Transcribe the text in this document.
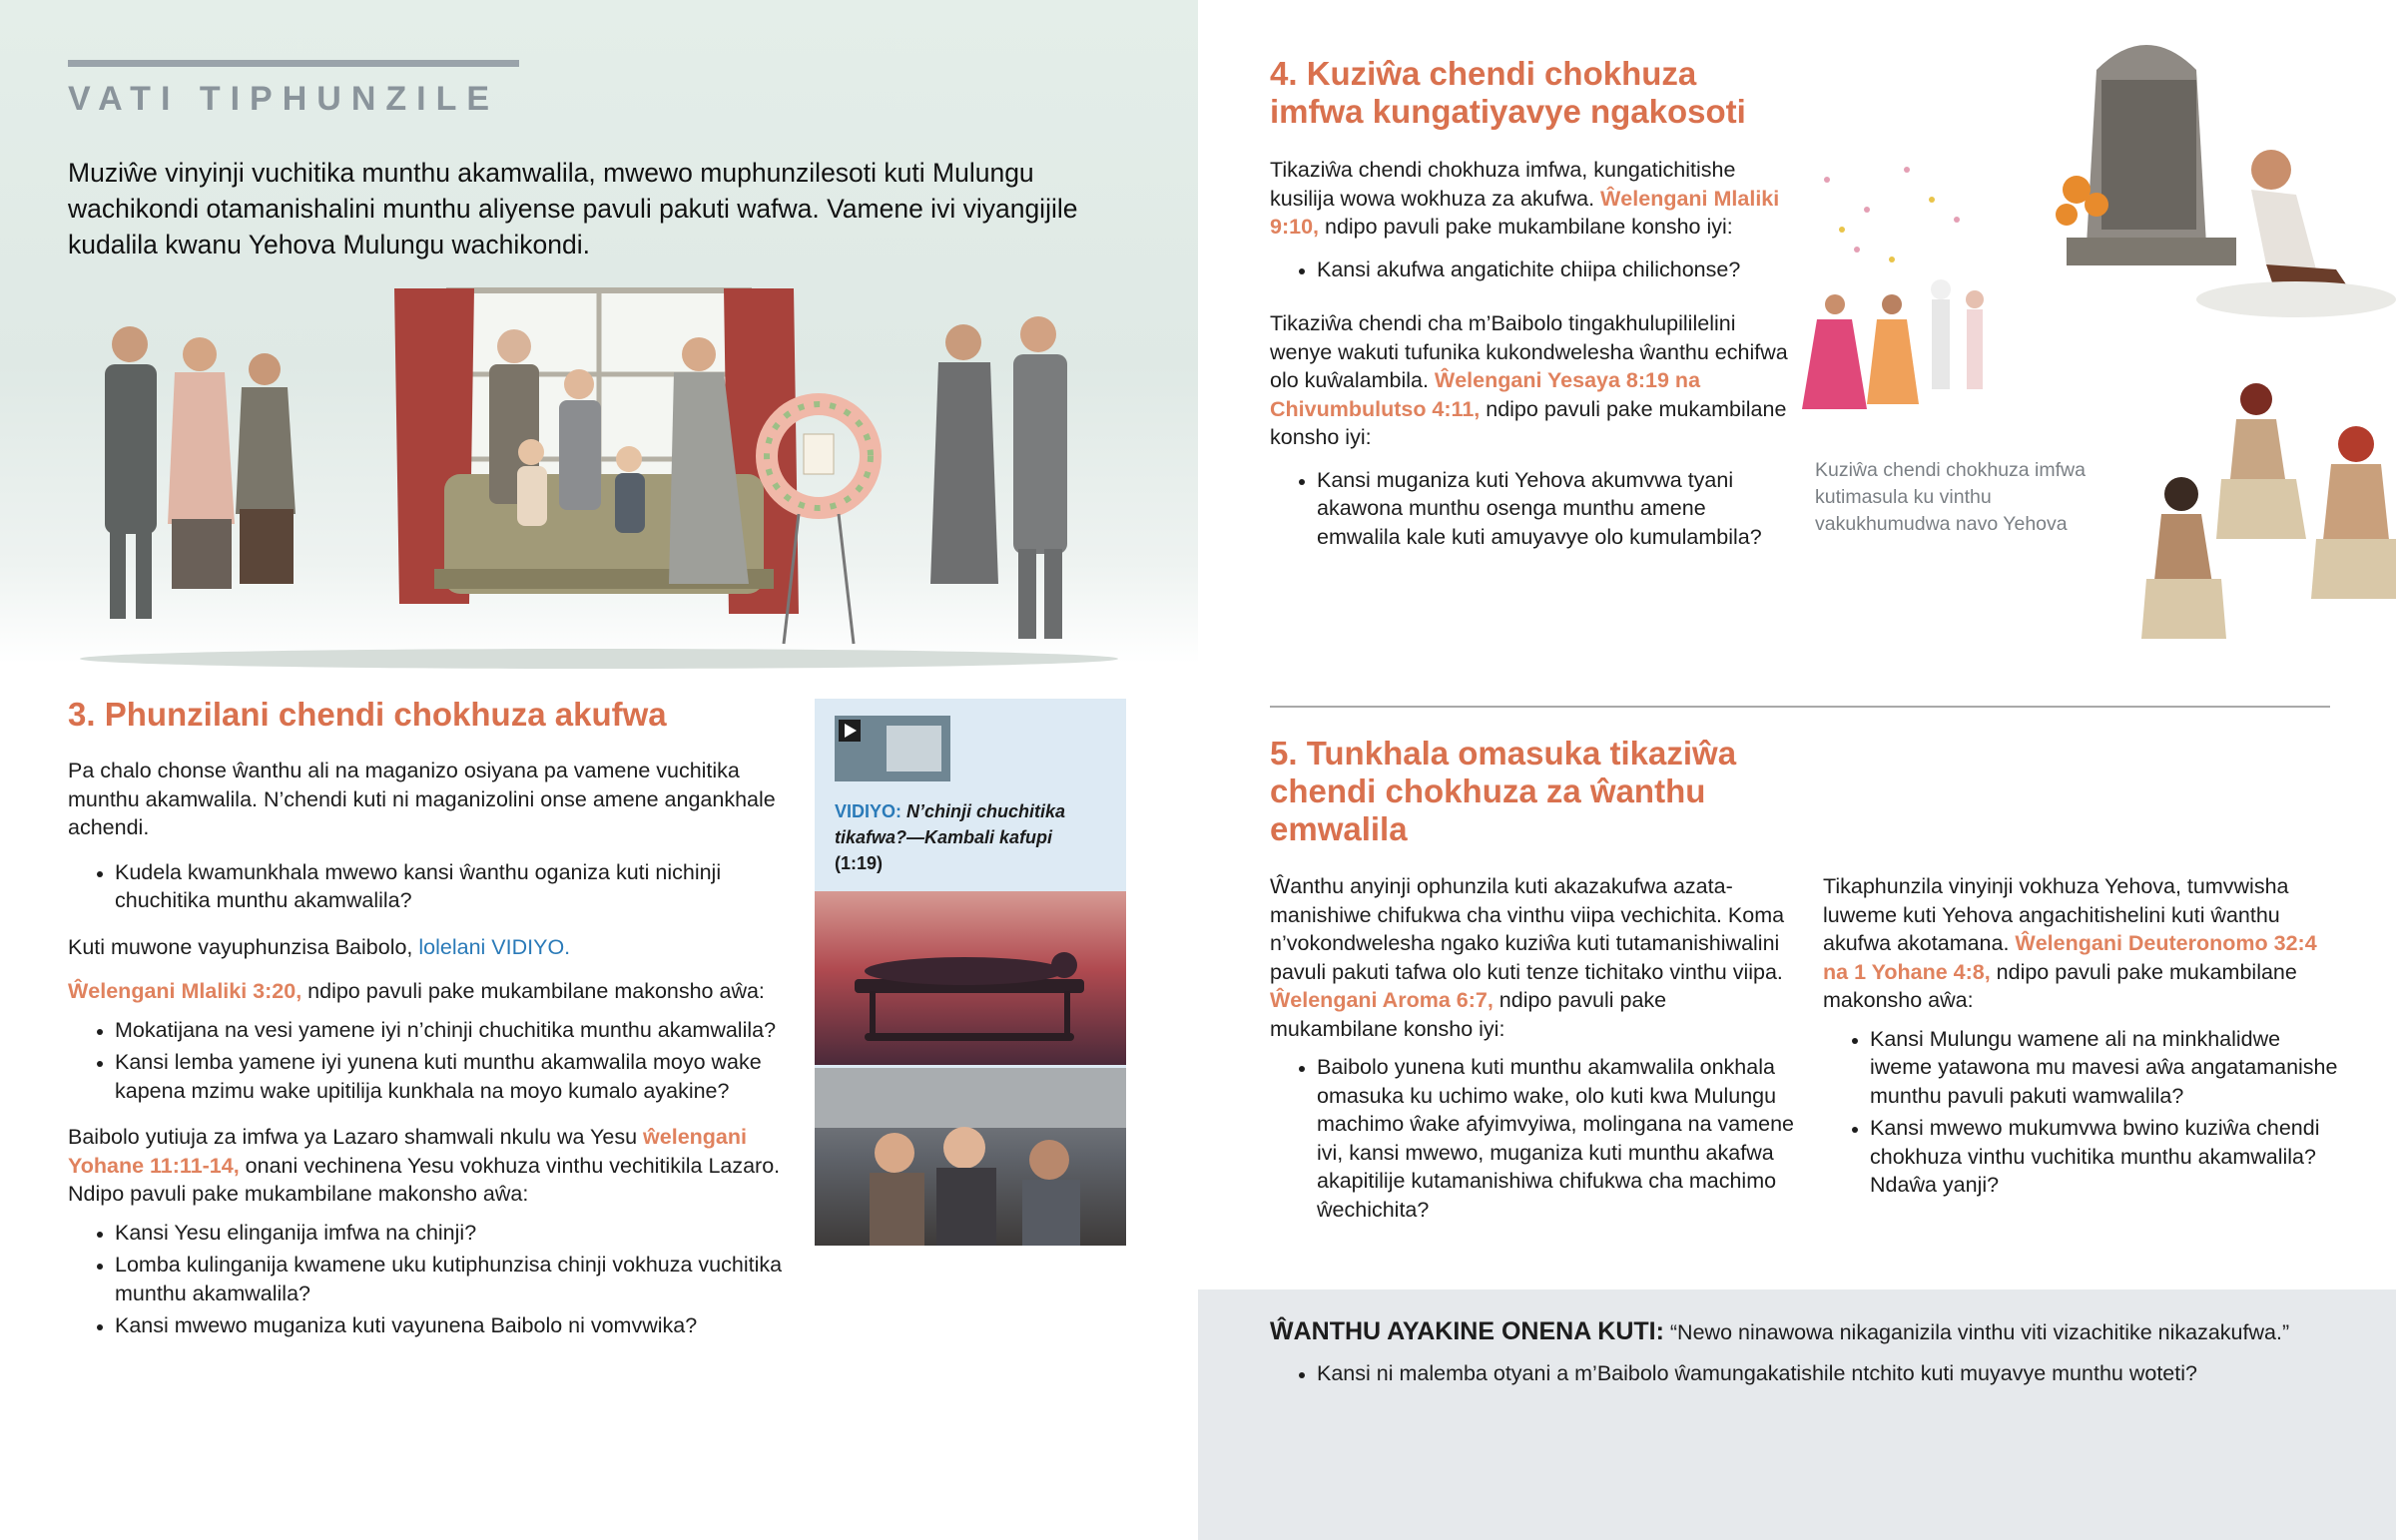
VATI TIPHUNZILE
Muziŵe vinyinji vuchitika munthu akamwalila, mwewo muphunzilesoti kuti Mulungu wachikondi otamanishalini munthu aliyense pavuli pakuti wafwa. Vamene ivi viyangijile kudalila kwanu Yehova Mulungu wachikondi.
3. Phunzilani chendi chokhuza akufwa

Pa chalo chonse ŵanthu ali na maganizo osiyana pa vamene vuchitika munthu akamwalila. N’chendi kuti ni maganizolini onse amene angankhale achendi.

• Kudela kwamunkhala mwewo kansi ŵanthu oganiza kuti nichinji chuchitika munthu akamwalila?

Kuti muwone vayuphunzisa Baibolo, lolelani VIDIYO.

Ŵelengani Mlaliki 3:20, ndipo pavuli pake mukambilane makonsho aŵa:

• Mokatijana na vesi yamene iyi n’chinji chuchitika munthu akamwalila?
• Kansi lemba yamene iyi yunena kuti munthu akamwalila moyo wake kapena mzimu wake upitilija kunkhala na moyo kumalo ayakine?

Baibolo yutiuja za imfwa ya Lazaro shamwali nkulu wa Yesu ŵelengani Yohane 11:11-14, onani vechinena Yesu vokhuza vinthu vechitikila Lazaro. Ndipo pavuli pake mukambilane makonsho aŵa:

• Kansi Yesu elinganija imfwa na chinji?
• Lomba kulinganija kwamene uku kutiphunzisa chinji vokhuza vuchitika munthu akamwalila?
• Kansi mwewo muganiza kuti vayunena Baibolo ni vomvwika?
VIDIYO: N’chinji chuchitika tikafwa?—Kambali kafupi
(1:19)
4. Kuziŵa chendi chokhuza
imfwa kungatiyavye ngakosoti

Tikaziŵa chendi chokhuza imfwa, kungatichitishe kusilija wowa wokhuza za akufwa. Ŵelengani Mlaliki 9:10, ndipo pavuli pake mukambilane konsho iyi:

• Kansi akufwa angatichite chiipa chilichonse?

Tikaziŵa chendi cha m’Baibolo tingakhulupililelini wenye wakuti tufunika kukondwelesha ŵanthu echifwa olo kuŵalambila. Ŵelengani Yesaya 8:19 na Chivumbulutso 4:11, ndipo pavuli pake mukambilane konsho iyi:

• Kansi muganiza kuti Yehova akumvwa tyani akawona munthu osenga munthu amene emwalila kale kuti amuyavye olo kumulambila?
Kuziŵa chendi chokhuza imfwa kutimasula ku vinthu vakukhumudwa navo Yehova
5. Tunkhala omasuka tikaziŵa
chendi chokhuza za ŵanthu
emwalila

Ŵanthu anyinji ophunzila kuti akazakufwa azatamanishiwe chifukwa cha vinthu viipa vechichita. Koma n’vokondwelesha ngako kuziŵa kuti tutamanishiwalini pavuli pakuti tafwa olo kuti tenze tichitako vinthu viipa. Ŵelengani Aroma 6:7, ndipo pavuli pake mukambilane konsho iyi:

• Baibolo yunena kuti munthu akamwalila onkhala omasuka ku uchimo wake, olo kuti kwa Mulungu machimo ŵake afyimvyiwa, molingana na vamene ivi, kansi mwewo, muganiza kuti munthu akafwa akapitilije kutamanishiwa chifukwa cha machimo ŵechichita?

Tikaphunzila vinyinji vokhuza Yehova, tumvwisha luweme kuti Yehova angachitishelini kuti ŵanthu akufwa akotamana. Ŵelengani Deuteronomo 32:4 na 1 Yohane 4:8, ndipo pavuli pake mukambilane makonsho aŵa:

• Kansi Mulungu wamene ali na minkhalidwe iweme yatawona mu mavesi aŵa angatamanishe munthu pavuli pakuti wamwalila?
• Kansi mwewo mukumvwa bwino kuziŵa chendi chokhuza vinthu vuchitika munthu akamwalila? Ndaŵa yanji?

ŴANTHU AYAKINE ONENA KUTI: “Newo ninawowa nikaganizila vinthu viti vizachitike nikazakufwa.”

• Kansi ni malemba otyani a m’Baibolo ŵamungakatishile ntchito kuti muyavye munthu woteti?
